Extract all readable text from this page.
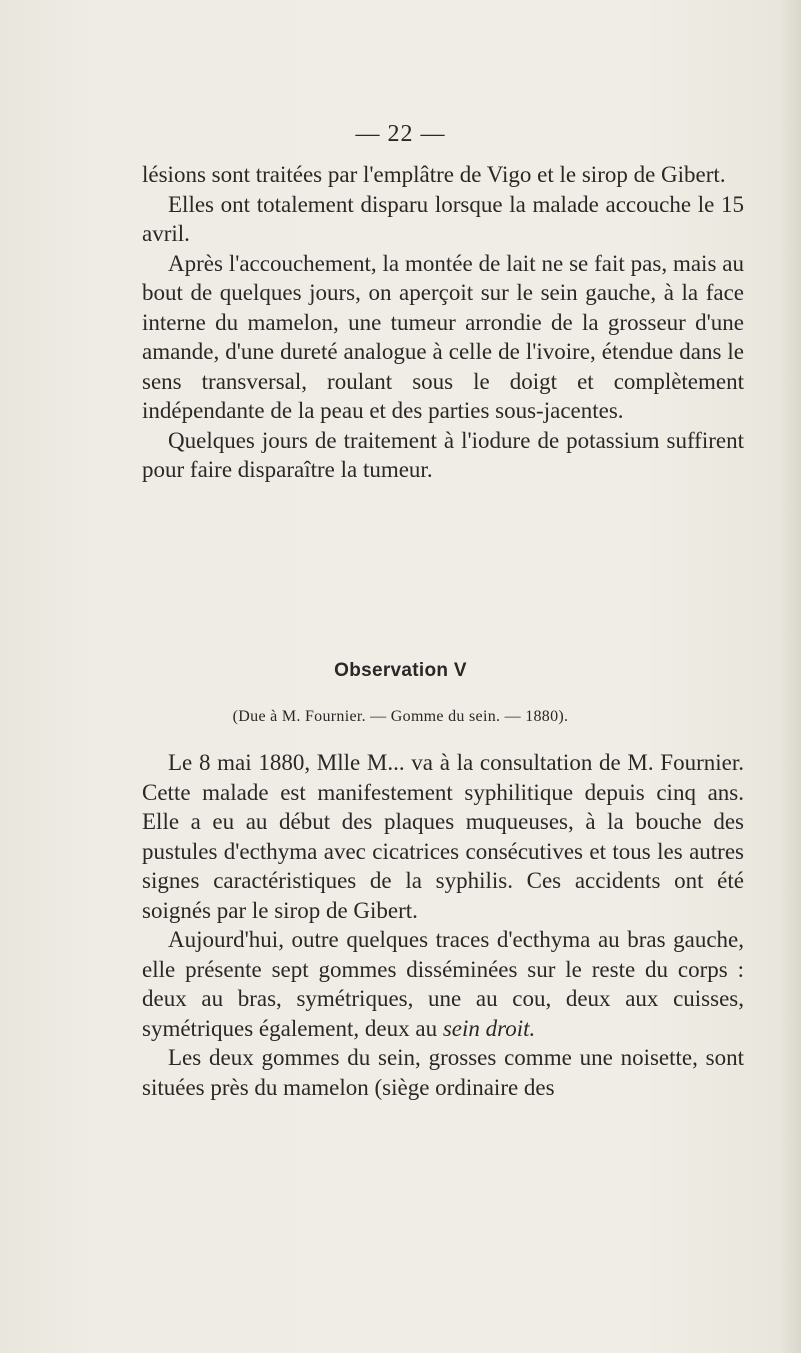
— 22 —

lésions sont traitées par l'emplâtre de Vigo et le sirop de Gibert.

Elles ont totalement disparu lorsque la malade accouche le 15 avril.

Après l'accouchement, la montée de lait ne se fait pas, mais au bout de quelques jours, on aperçoit sur le sein gauche, à la face interne du mamelon, une tumeur arrondie de la grosseur d'une amande, d'une dureté analogue à celle de l'ivoire, étendue dans le sens transversal, roulant sous le doigt et complètement indépendante de la peau et des parties sous-jacentes.

Quelques jours de traitement à l'iodure de potassium suffirent pour faire disparaître la tumeur.

Observation V
(Due à M. Fournier. — Gomme du sein. — 1880).

Le 8 mai 1880, Mlle M... va à la consultation de M. Fournier. Cette malade est manifestement syphilitique depuis cinq ans. Elle a eu au début des plaques muqueuses, à la bouche des pustules d'ecthyma avec cicatrices consécutives et tous les autres signes caractéristiques de la syphilis. Ces accidents ont été soignés par le sirop de Gibert.

Aujourd'hui, outre quelques traces d'ecthyma au bras gauche, elle présente sept gommes disséminées sur le reste du corps : deux au bras, symétriques, une au cou, deux aux cuisses, symétriques également, deux au sein droit.

Les deux gommes du sein, grosses comme une noisette, sont situées près du mamelon (siège ordinaire des
